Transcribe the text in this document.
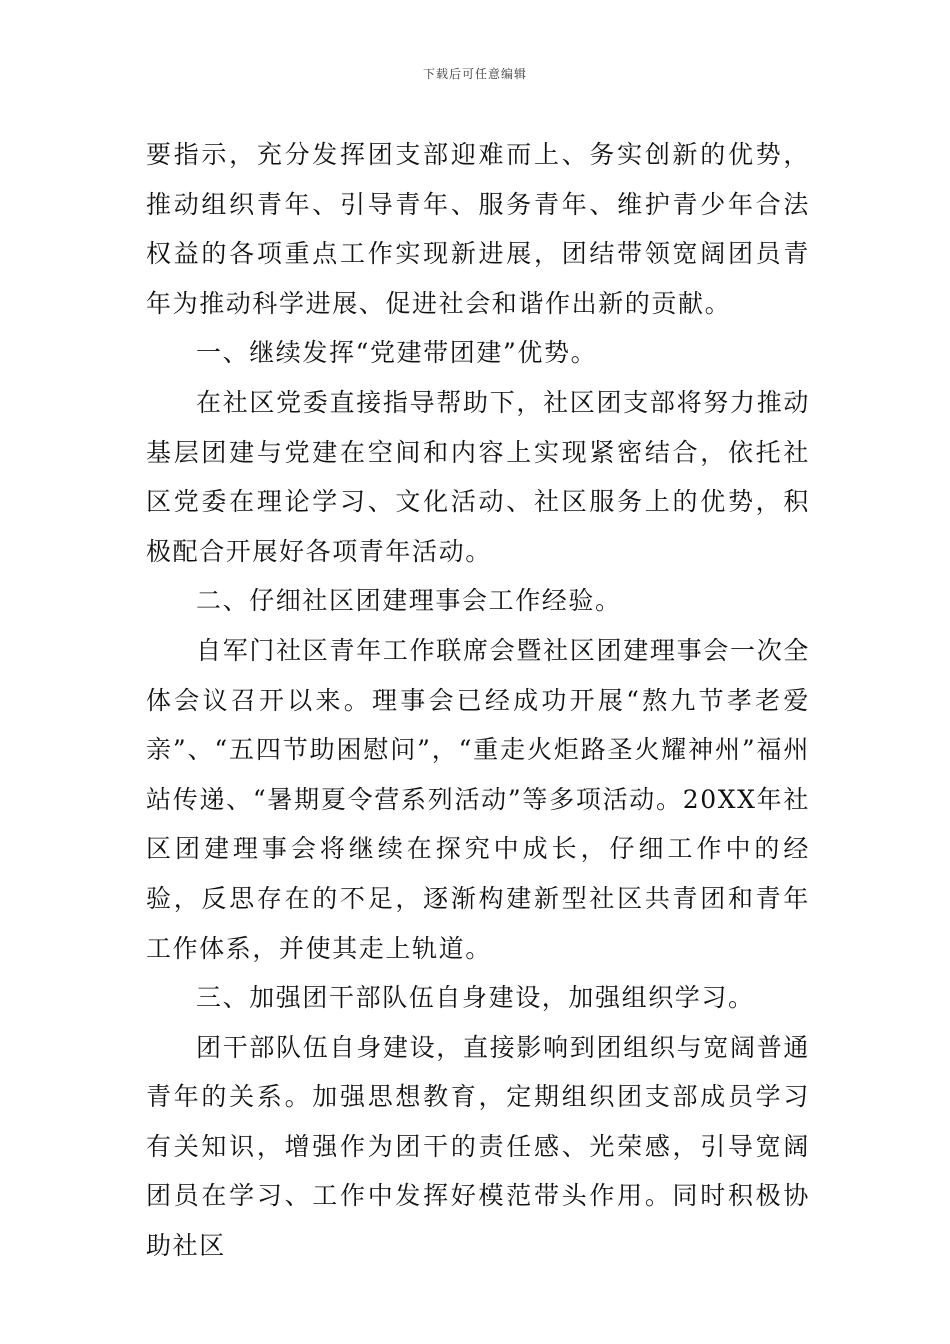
下载后可任意编辑

要指示，充分发挥团支部迎难而上、务实创新的优势，推动组织青年、引导青年、服务青年、维护青少年合法权益的各项重点工作实现新进展，团结带领宽阔团员青年为推动科学进展、促进社会和谐作出新的贡献。

一、继续发挥“党建带团建”优势。

在社区党委直接指导帮助下，社区团支部将努力推动基层团建与党建在空间和内容上实现紧密结合，依托社区党委在理论学习、文化活动、社区服务上的优势，积极配合开展好各项青年活动。

二、仔细社区团建理事会工作经验。

自军门社区青年工作联席会暨社区团建理事会一次全体会议召开以来。理事会已经成功开展“熬九节孝老爱亲”、“五四节助困慰问”，“重走火炬路圣火耀神州”福州站传递、“暑期夏令营系列活动”等多项活动。20XX年社区团建理事会将继续在探究中成长，仔细工作中的经验，反思存在的不足，逐渐构建新型社区共青团和青年工作体系，并使其走上轨道。

三、加强团干部队伍自身建设，加强组织学习。

团干部队伍自身建设，直接影响到团组织与宽阔普通青年的关系。加强思想教育，定期组织团支部成员学习有关知识，增强作为团干的责任感、光荣感，引导宽阔团员在学习、工作中发挥好模范带头作用。同时积极协助社区
